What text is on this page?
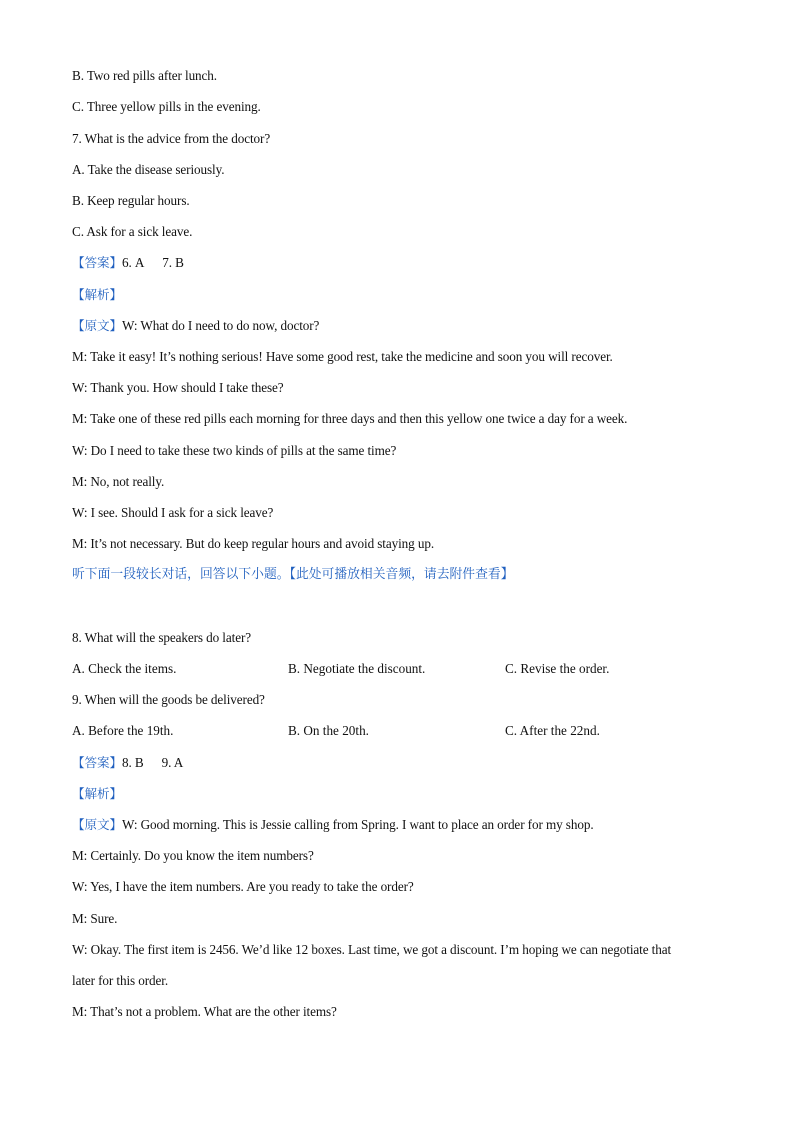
B. Two red pills after lunch.
C. Three yellow pills in the evening.
7. What is the advice from the doctor?
A. Take the disease seriously.
B. Keep regular hours.
C. Ask for a sick leave.
【答案】6. A 7. B
【解析】
【原文】W: What do I need to do now, doctor?
M: Take it easy! It’s nothing serious! Have some good rest, take the medicine and soon you will recover.
W: Thank you. How should I take these?
M: Take one of these red pills each morning for three days and then this yellow one twice a day for a week.
W: Do I need to take these two kinds of pills at the same time?
M: No, not really.
W: I see. Should I ask for a sick leave?
M: It’s not necessary. But do keep regular hours and avoid staying up.
听下面一段较长对话，回答以下小题。【此处可播放相关音频，请去附件查看】
8. What will the speakers do later?
A. Check the items.	B. Negotiate the discount.	C. Revise the order.
9. When will the goods be delivered?
A. Before the 19th.	B. On the 20th.	C. After the 22nd.
【答案】8. B 9. A
【解析】
【原文】W: Good morning. This is Jessie calling from Spring. I want to place an order for my shop.
M: Certainly. Do you know the item numbers?
W: Yes, I have the item numbers. Are you ready to take the order?
M: Sure.
W: Okay. The first item is 2456. We’d like 12 boxes. Last time, we got a discount. I’m hoping we can negotiate that
later for this order.
M: That’s not a problem. What are the other items?
